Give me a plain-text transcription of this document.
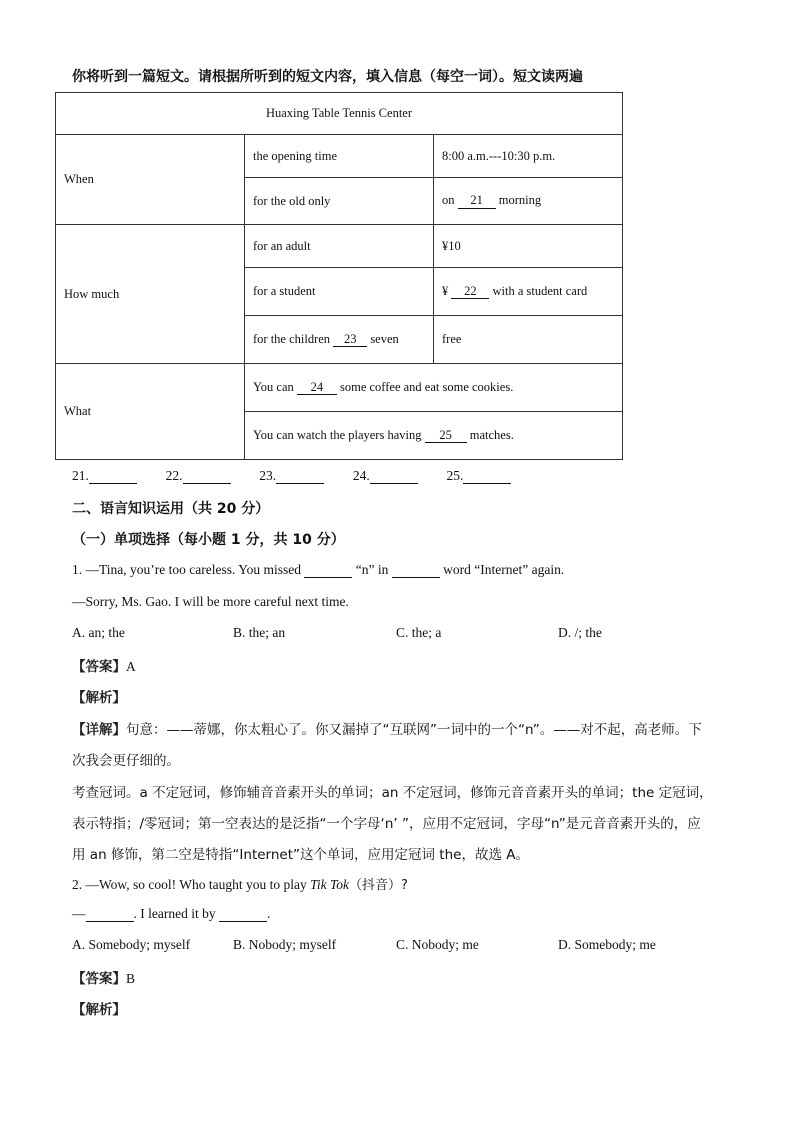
你将听到一篇短文。请根据所听到的短文内容，填入信息（每空一词）。短文读两遍
Huaxing Table Tennis Center		
When	the opening time	8:00 a.m.---10:30 p.m.
	for the old only	on 21 morning
How much	for an adult	¥10
	for a student	¥ 22 with a student card
	for the children 23 seven	free
What	You can 24 some coffee and eat some cookies.	
	You can watch the players having 25 matches.	
21.	22.	23.	24.	25.
二、语言知识运用（共 20 分）
（一）单项选择（每小题 1 分，共 10 分）
1. —Tina, you’re too careless. You missed	“n” in	word “Internet” again.
—Sorry, Ms. Gao. I will be more careful next time.
A. an; the	B. the; an	C. the; a	D. /; the
【答案】A
【解析】
【详解】句意：——蒂娜，你太粗心了。你又漏掉了“互联网”一词中的一个“n”。——对不起，高老师。下
次我会更仔细的。
考查冠词。a 不定冠词，修饰辅音音素开头的单词；an 不定冠词，修饰元音音素开头的单词；the 定冠词，
表示特指；/零冠词；第一空表达的是泛指“一个字母‘n’ ”，应用不定冠词，字母“n”是元音音素开头的，应
用 an 修饰，第二空是特指“Internet”这个单词，应用定冠词 the，故选 A。
2. —Wow, so cool! Who taught you to play Tik Tok（抖音）?
—	. I learned it by	.
A. Somebody; myself	B. Nobody; myself	C. Nobody; me	D. Somebody; me
【答案】B
【解析】
